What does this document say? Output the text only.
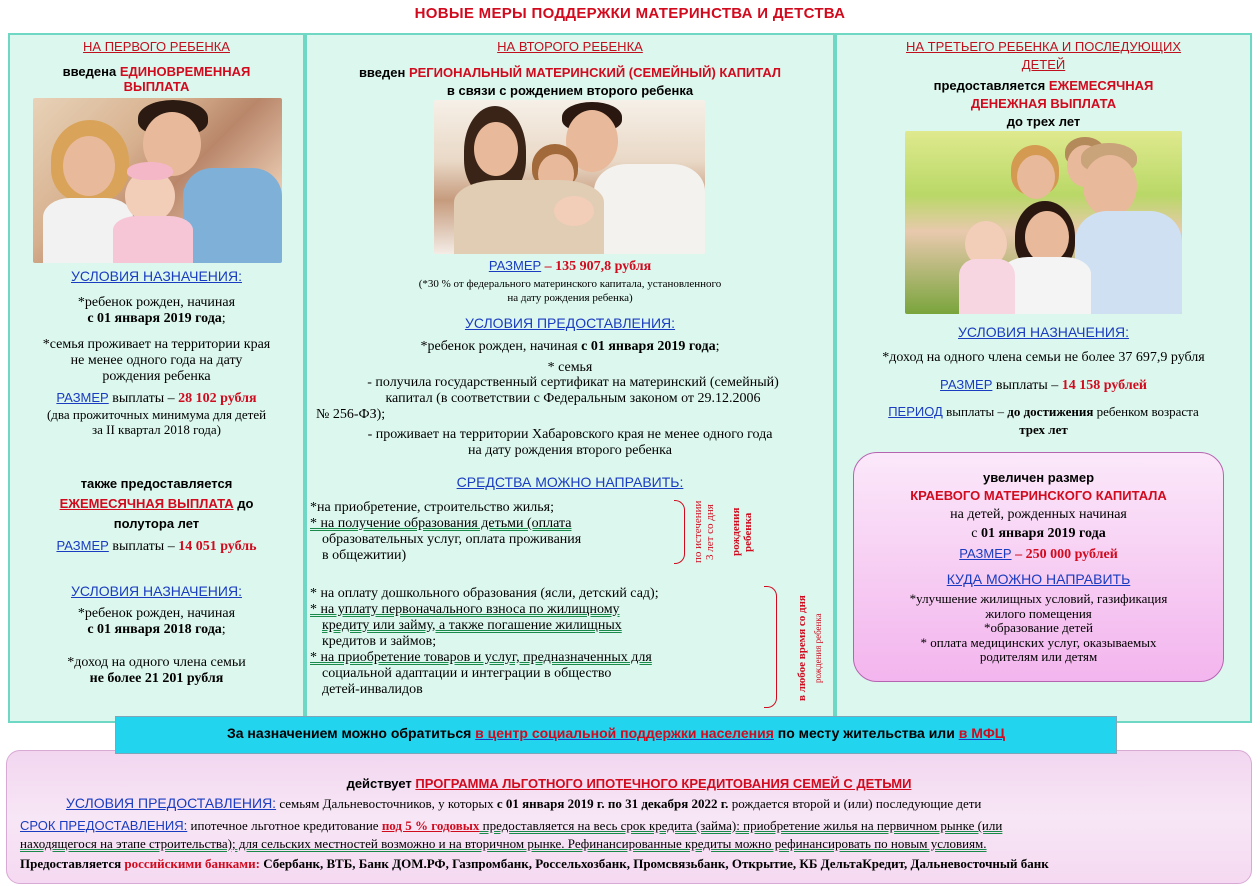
НОВЫЕ МЕРЫ ПОДДЕРЖКИ МАТЕРИНСТВА И ДЕТСТВА
НА ПЕРВОГО РЕБЕНКА
введена ЕДИНОВРЕМЕННАЯ
ВЫПЛАТА
УСЛОВИЯ НАЗНАЧЕНИЯ:
*ребенок рожден, начиная
с 01 января 2019 года;
*семья проживает на территории края
не менее одного года на дату
рождения ребенка
РАЗМЕР выплаты – 28 102 рубля
(два прожиточных минимума для детей
за II квартал 2018 года)
также предоставляется
ЕЖЕМЕСЯЧНАЯ ВЫПЛАТА до
полутора лет
РАЗМЕР выплаты – 14 051 рубль
УСЛОВИЯ НАЗНАЧЕНИЯ:
*ребенок рожден, начиная
с 01 января 2018 года;
*доход на одного члена семьи
не более 21 201 рубля
НА ВТОРОГО РЕБЕНКА
введен РЕГИОНАЛЬНЫЙ МАТЕРИНСКИЙ (СЕМЕЙНЫЙ) КАПИТАЛ
в связи с рождением второго ребенка
РАЗМЕР – 135 907,8 рубля
(*30 % от федерального материнского капитала, установленного
на дату рождения ребенка)
УСЛОВИЯ ПРЕДОСТАВЛЕНИЯ:
*ребенок рожден, начиная с 01 января 2019 года;
* семья
- получила государственный сертификат на материнский (семейный)
капитал (в соответствии с Федеральным законом от 29.12.2006

№ 256-ФЗ);
- проживает на территории Хабаровского края не менее одного года
на дату рождения второго ребенка
СРЕДСТВА МОЖНО НАПРАВИТЬ:
*на приобретение, строительство жилья;
* на получение образования детьми (оплата
образовательных услуг, оплата проживания
в общежитии)	по истечении 3 лет со дня рождения ребенка
* на оплату дошкольного образования (ясли, детский сад);
* на уплату первоначального взноса по жилищному
кредиту или займу, а также погашение жилищных
кредитов и займов;
* на приобретение товаров и услуг, предназначенных для
социальной адаптации и интеграции в общество
детей-инвалидов	в любое время со дня рождения ребенка
НА ТРЕТЬЕГО РЕБЕНКА И ПОСЛЕДУЮЩИХ
ДЕТЕЙ
предоставляется ЕЖЕМЕСЯЧНАЯ
ДЕНЕЖНАЯ ВЫПЛАТА
до трех лет
УСЛОВИЯ НАЗНАЧЕНИЯ:
*доход на одного члена семьи не более 37 697,9 рубля
РАЗМЕР выплаты – 14 158 рублей
ПЕРИОД выплаты – до достижения ребенком возраста
трех лет
увеличен размер
КРАЕВОГО МАТЕРИНСКОГО КАПИТАЛА
на детей, рожденных начиная
с 01 января 2019 года
РАЗМЕР – 250 000 рублей
КУДА МОЖНО НАПРАВИТЬ
*улучшение жилищных условий, газификация
жилого помещения
*образование детей
* оплата медицинских услуг, оказываемых
родителям или детям
За назначением можно обратиться в центр социальной поддержки населения по месту жительства или в МФЦ
действует ПРОГРАММА ЛЬГОТНОГО ИПОТЕЧНОГО КРЕДИТОВАНИЯ СЕМЕЙ С ДЕТЬМИ
УСЛОВИЯ ПРЕДОСТАВЛЕНИЯ: семьям Дальневосточников, у которых с 01 января 2019 г. по 31 декабря 2022 г. рождается второй и (или) последующие дети
СРОК ПРЕДОСТАВЛЕНИЯ: ипотечное льготное кредитование под 5 % годовых предоставляется на весь срок кредита (займа): приобретение жилья на первичном рынке (или
находящегося на этапе строительства); для сельских местностей возможно и на вторичном рынке. Рефинансированные кредиты можно рефинансировать по новым условиям.
Предоставляется российскими банками: Сбербанк, ВТБ, Банк ДОМ.РФ, Газпромбанк, Россельхозбанк, Промсвязьбанк, Открытие, КБ ДельтаКредит, Дальневосточный банк
